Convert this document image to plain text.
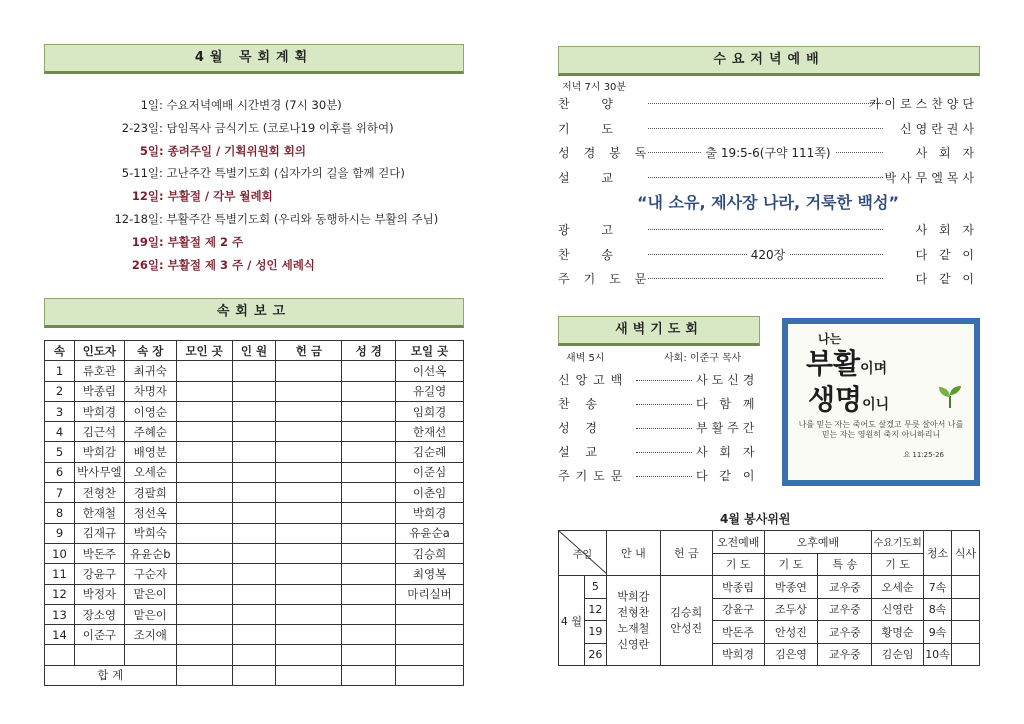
4월 목회계획
1일: 수요저녁예배 시간변경 (7시 30분)
2-23일: 담임목사 금식기도 (코로나19 이후를 위하여)
5일: 종려주일 / 기획위원회 회의
5-11일: 고난주간 특별기도회 (십자가의 길을 함께 걷다)
12일: 부활절 / 각부 월례회
12-18일: 부활주간 특별기도회 (우리와 동행하시는 부활의 주님)
19일: 부활절 제 2 주
26일: 부활절 제 3 주 / 성인 세례식
속회보고
속	인도자	속 장	모인 곳	인 원	헌 금	성 경	모일 곳
1	류호관	최귀숙					이선옥
2	박종림	차명자					유길영
3	박희경	이영순					임희경
4	김근석	주혜순					한재선
5	박희감	배영분					김순례
6	박사무엘	오세순					이준심
7	전형찬	경팔희					이춘임
8	한재철	정선옥					박희경
9	김재규	박희숙					유윤순a
10	박돈주	유윤순b					김승희
11	강윤구	구순자					최영복
12	박정자	맡은이					마리실버
13	장소영	맡은이					
14	이준구	조지애					

합 계							
수요저녁예배
저녁 7시 30분
찬 양	카이로스찬양단
기 도	신영란권사
성경봉독	출 19:5-6(구약 111쪽)	사 회 자
설 교	박사무엘목사
“내 소유, 제사장 나라, 거룩한 백성”
광 고	사 회 자
찬 송	420장	다 같 이
주기도문	다 같 이
새벽기도회
새벽 5시	사회: 이준구 목사
신앙고백	사도신경
찬 송	다 함 께
성 경	부활주간
설 교	사 회 자
주기도문	다 같 이
나는
부활이며
생명이니
나를 믿는 자는 죽어도 살겠고 무릇 살아서 나를 믿는 자는 영원히 죽지 아니하리니
요 11:25-26
4월 봉사위원
주일		안 내	헌 금	오전예배	오후예배		수요기도회	청소	식사
				기 도	기 도	특 송	기 도		
4 월	5	박희감 전형찬 노재철 신영란	김승희 안성진	박종림	박종연	교우중	오세순	7속	
	12			강윤구	조두상	교우중	신영란	8속	
	19			박돈주	안성진	교우중	황명순	9속	
	26			박희경	김은영	교우중	김순임	10속	
